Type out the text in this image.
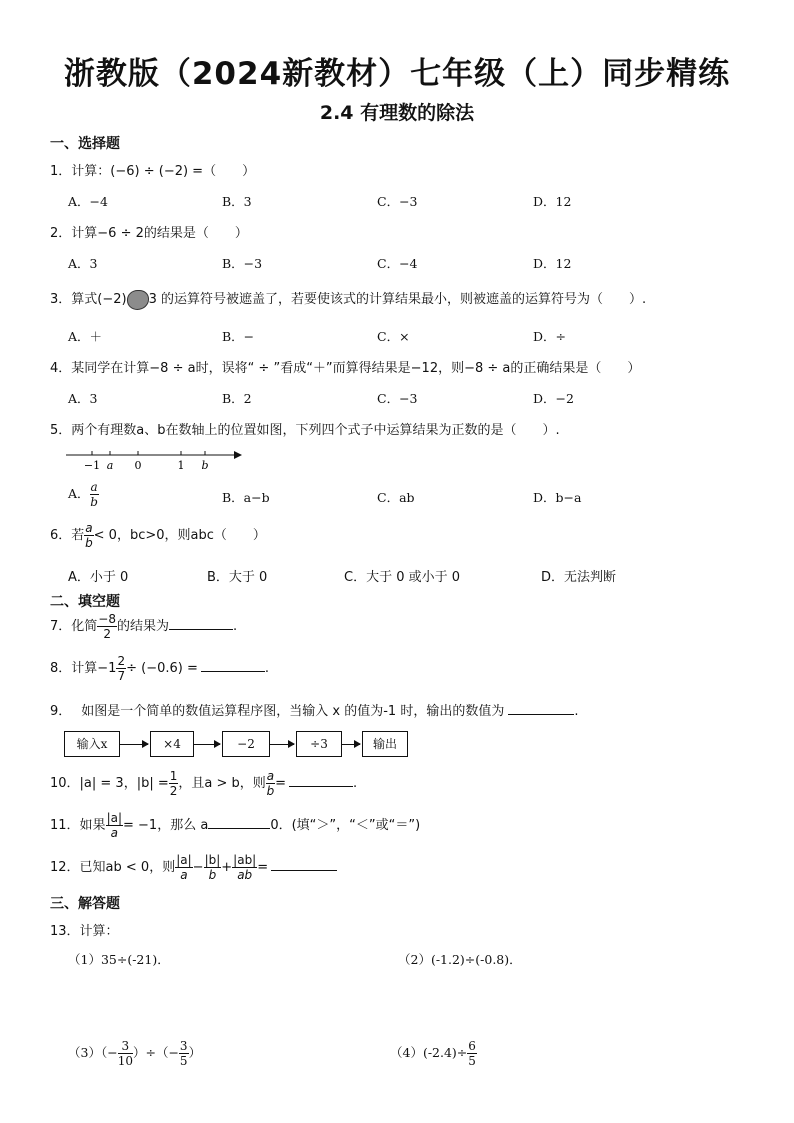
浙教版（2024新教材）七年级（上）同步精练
2.4 有理数的除法
一、选择题
1．计算：(−6) ÷ (−2) =（　　）
A．−4	B．3	C．−3	D．12
2．计算−6 ÷ 2的结果是（　　）
A．3	B．−3	C．−4	D．12
3．算式(−2) 3 的运算符号被遮盖了，若要使该式的计算结果最小，则被遮盖的运算符号为（　　）.
A．＋	B．−	C．×	D．÷
4．某同学在计算−8 ÷ a时，误将“ ÷ ”看成“＋”而算得结果是−12，则−8 ÷ a的正确结果是（　　）
A．3	B．2	C．−3	D．−2
5．两个有理数a、b在数轴上的位置如图，下列四个式子中运算结果为正数的是（　　）.
−1 a 0	1 b
A． $\frac{a}{b}$	B．a−b	C．ab	D．b−a
6．若 $\frac{a}{b} < 0$，bc>0，则abc（　　）
A．小于 0	B．大于 0	C．大于 0 或小于 0	D．无法判断
二、填空题
7．化简 $\frac{-8}{2}$ 的结果为	.
8．计算$-1 \frac{2}{7} \div (-0.6)$ =	.
9． 如图是一个简单的数值运算程序图，当输入 x 的值为-1 时，输出的数值为	.
输入x	×4	−2	÷3	输出
10．|a| = 3，$|b| = \frac{1}{2}$ ，且a > b，则 $\frac{a}{b}$ =	.
11．如果 $\frac{|a|}{a} = -1$，那么 a	0．(填“＞”，“＜”或“＝”)
12．已知ab < 0，则 $\frac{|a|}{a} - \frac{|b|}{b} + \frac{|ab|}{ab}$ =
三、解答题
13．计算：
（1）35÷(-21)．	（2）(-1.2)÷(-0.8)．
$(3)(- \frac{3}{10}$ ）÷（− $\frac{3}{5}$ ）	$(4)(-2.4)\div \frac{6}{5}$
